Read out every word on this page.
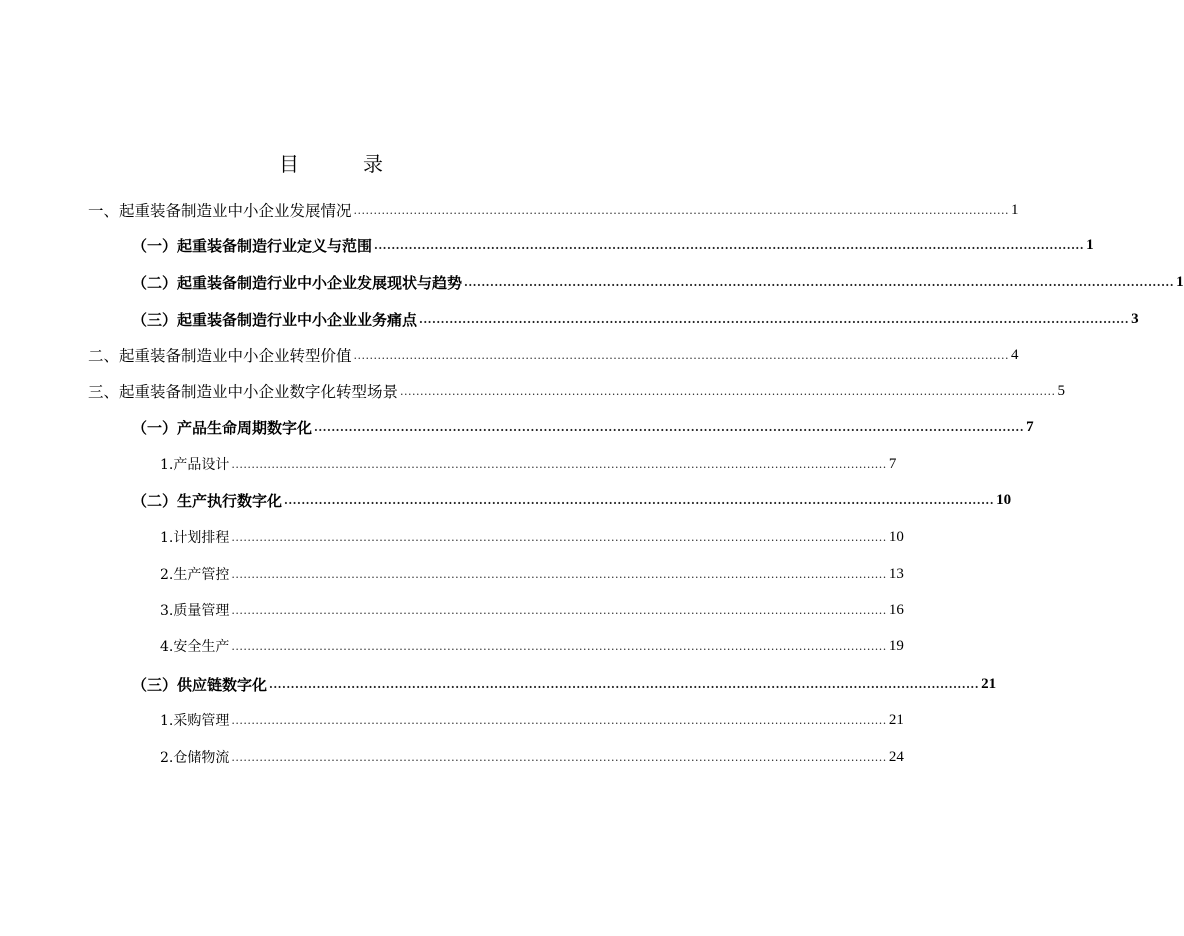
目　录
一、起重装备制造业中小企业发展情况 .................................................................................................................................................................... 1
（一）起重装备制造行业定义与范围 .................................................................................................................................................................... 1
（二）起重装备制造行业中小企业发展现状与趋势 .................................................................................................................................................................... 1
（三）起重装备制造行业中小企业业务痛点 .................................................................................................................................................................... 3
二、起重装备制造业中小企业转型价值 .................................................................................................................................................................... 4
三、起重装备制造业中小企业数字化转型场景 .................................................................................................................................................................... 5
（一）产品生命周期数字化 .................................................................................................................................................................... 7
1.产品设计 .................................................................................................................................................................... 7
（二）生产执行数字化 .................................................................................................................................................................... 10
1.计划排程 .................................................................................................................................................................... 10
2.生产管控 .................................................................................................................................................................... 13
3.质量管理 .................................................................................................................................................................... 16
4.安全生产 .................................................................................................................................................................... 19
（三）供应链数字化 .................................................................................................................................................................... 21
1.采购管理 .................................................................................................................................................................... 21
2.仓储物流 .................................................................................................................................................................... 24
